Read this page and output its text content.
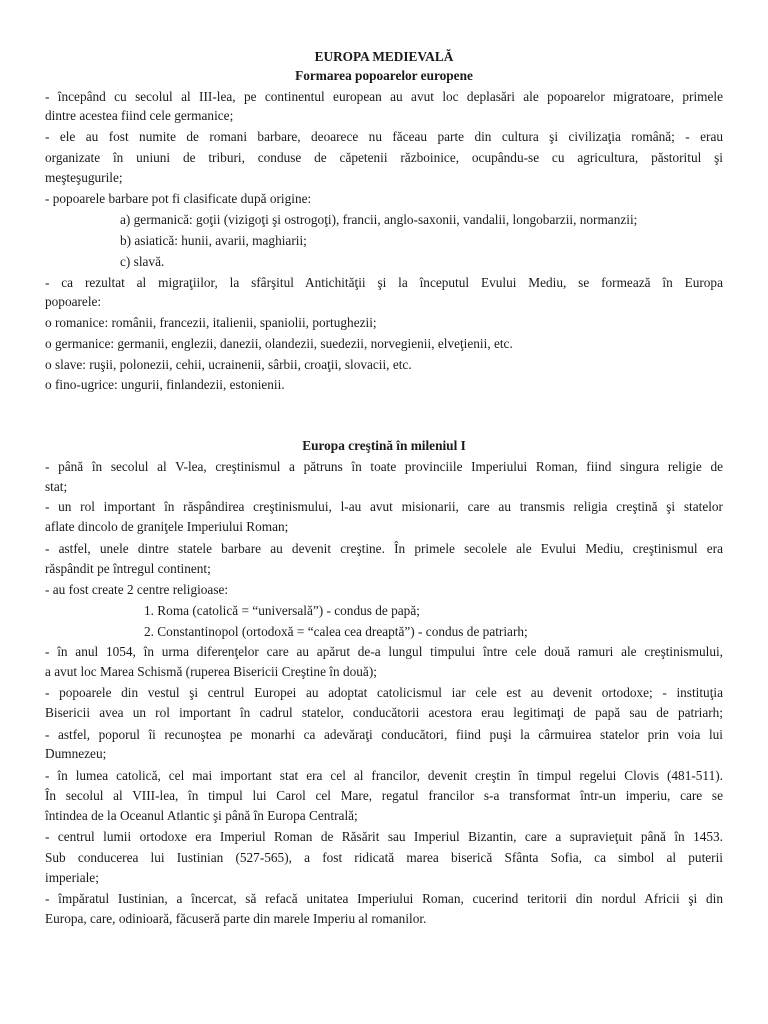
EUROPA MEDIEVALĂ
Formarea popoarelor europene
- începând cu secolul al III-lea, pe continentul european au avut loc deplasări ale popoarelor migratoare, primele
dintre acestea fiind cele germanice;
- ele au fost numite de romani barbare, deoarece nu făceau parte din cultura şi civilizaţia română; - erau
organizate în uniuni de triburi, conduse de căpetenii războinice, ocupându-se cu agricultura, păstoritul şi
meşteşugurile;
- popoarele barbare pot fi clasificate după origine:
a) germanică: goţii (vizigoţi şi ostrogoţi), francii, anglo-saxonii, vandalii, longobarzii, normanzii;
b) asiatică: hunii, avarii, maghiarii;
c) slavă.
- ca rezultat al migraţiilor, la sfârşitul Antichităţii şi la începutul Evului Mediu, se formează în Europa
popoarele:
o romanice: românii, francezii, italienii, spaniolii, portughezii;
o germanice: germanii, englezii, danezii, olandezii, suedezii, norvegienii, elveţienii, etc.
o slave: ruşii, polonezii, cehii, ucrainenii, sârbii, croaţii, slovacii, etc.
o fino-ugrice: ungurii, finlandezii, estonienii.
Europa creştină în mileniul I
- până în secolul al V-lea, creştinismul a pătruns în toate provinciile Imperiului Roman, fiind singura religie de
stat;
- un rol important în răspândirea creştinismului, l-au avut misionarii, care au transmis religia creştină şi statelor
aflate dincolo de graniţele Imperiului Roman;
- astfel, unele dintre statele barbare au devenit creştine. În primele secolele ale Evului Mediu, creştinismul era
răspândit pe întregul continent;
- au fost create 2 centre religioase:
1. Roma (catolică = “universală”) - condus de papă;
2. Constantinopol (ortodoxă = “calea cea dreaptă”) - condus de patriarh;
- în anul 1054, în urma diferenţelor care au apărut de-a lungul timpului între cele două ramuri ale creştinismului,
a avut loc Marea Schismă (ruperea Bisericii Creştine în două);
- popoarele din vestul şi centrul Europei au adoptat catolicismul iar cele est au devenit ortodoxe; - instituţia
Bisericii avea un rol important în cadrul statelor, conducătorii acestora erau legitimaţi de papă sau de patriarh;
- astfel, poporul îi recunoştea pe monarhi ca adevăraţi conducători, fiind puşi la cârmuirea statelor prin voia lui
Dumnezeu;
- în lumea catolică, cel mai important stat era cel al francilor, devenit creştin în timpul regelui Clovis (481-511).
În secolul al VIII-lea, în timpul lui Carol cel Mare, regatul francilor s-a transformat într-un imperiu, care se
întindea de la Oceanul Atlantic şi până în Europa Centrală;
- centrul lumii ortodoxe era Imperiul Roman de Răsărit sau Imperiul Bizantin, care a supravieţuit până în 1453.
Sub conducerea lui Iustinian (527-565), a fost ridicată marea biserică Sfânta Sofia, ca simbol al puterii
imperiale;
- împăratul Iustinian, a încercat, să refacă unitatea Imperiului Roman, cucerind teritorii din nordul Africii şi din
Europa, care, odinioară, făcuseră parte din marele Imperiu al romanilor.
